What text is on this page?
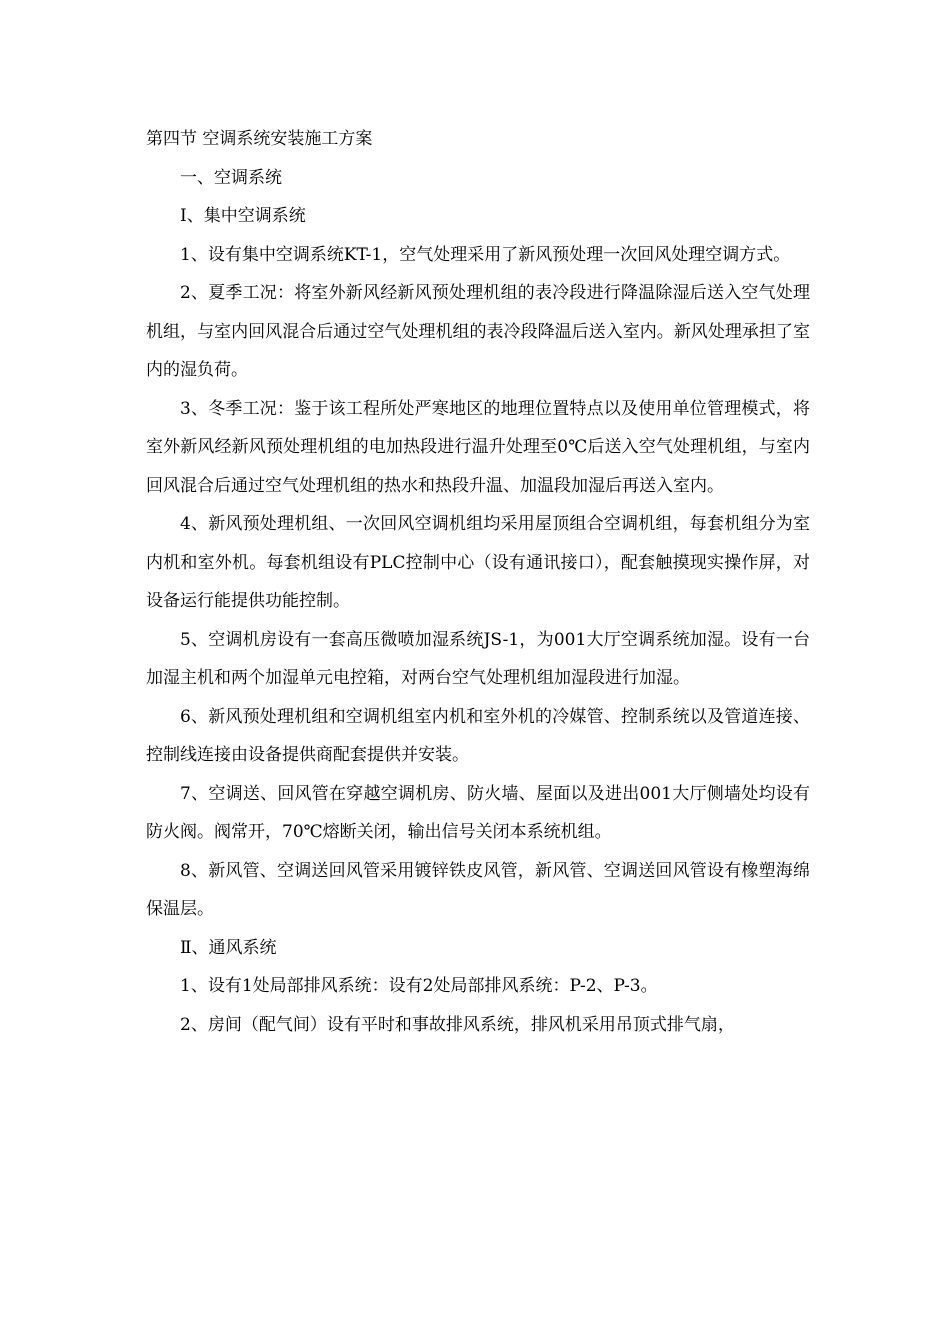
第四节 空调系统安装施工方案

一、空调系统

Ⅰ、集中空调系统

1、设有集中空调系统KT-1，空气处理采用了新风预处理一次回风处理空调方式。

2、夏季工况：将室外新风经新风预处理机组的表冷段进行降温除湿后送入空气处理机组，与室内回风混合后通过空气处理机组的表冷段降温后送入室内。新风处理承担了室内的湿负荷。

3、冬季工况：鉴于该工程所处严寒地区的地理位置特点以及使用单位管理模式，将室外新风经新风预处理机组的电加热段进行温升处理至0℃后送入空气处理机组，与室内回风混合后通过空气处理机组的热水和热段升温、加温段加湿后再送入室内。

4、新风预处理机组、一次回风空调机组均采用屋顶组合空调机组，每套机组分为室内机和室外机。每套机组设有PLC控制中心（设有通讯接口），配套触摸现实操作屏，对设备运行能提供功能控制。

5、空调机房设有一套高压微喷加湿系统JS-1，为001大厅空调系统加湿。设有一台加湿主机和两个加湿单元电控箱，对两台空气处理机组加湿段进行加湿。

6、新风预处理机组和空调机组室内机和室外机的冷媒管、控制系统以及管道连接、控制线连接由设备提供商配套提供并安装。

7、空调送、回风管在穿越空调机房、防火墙、屋面以及进出001大厅侧墙处均设有防火阀。阀常开，70℃熔断关闭，输出信号关闭本系统机组。

8、新风管、空调送回风管采用镀锌铁皮风管，新风管、空调送回风管设有橡塑海绵保温层。

Ⅱ、通风系统

1、设有1处局部排风系统：设有2处局部排风系统：P-2、P-3。

2、房间（配气间）设有平时和事故排风系统，排风机采用吊顶式排气扇，
